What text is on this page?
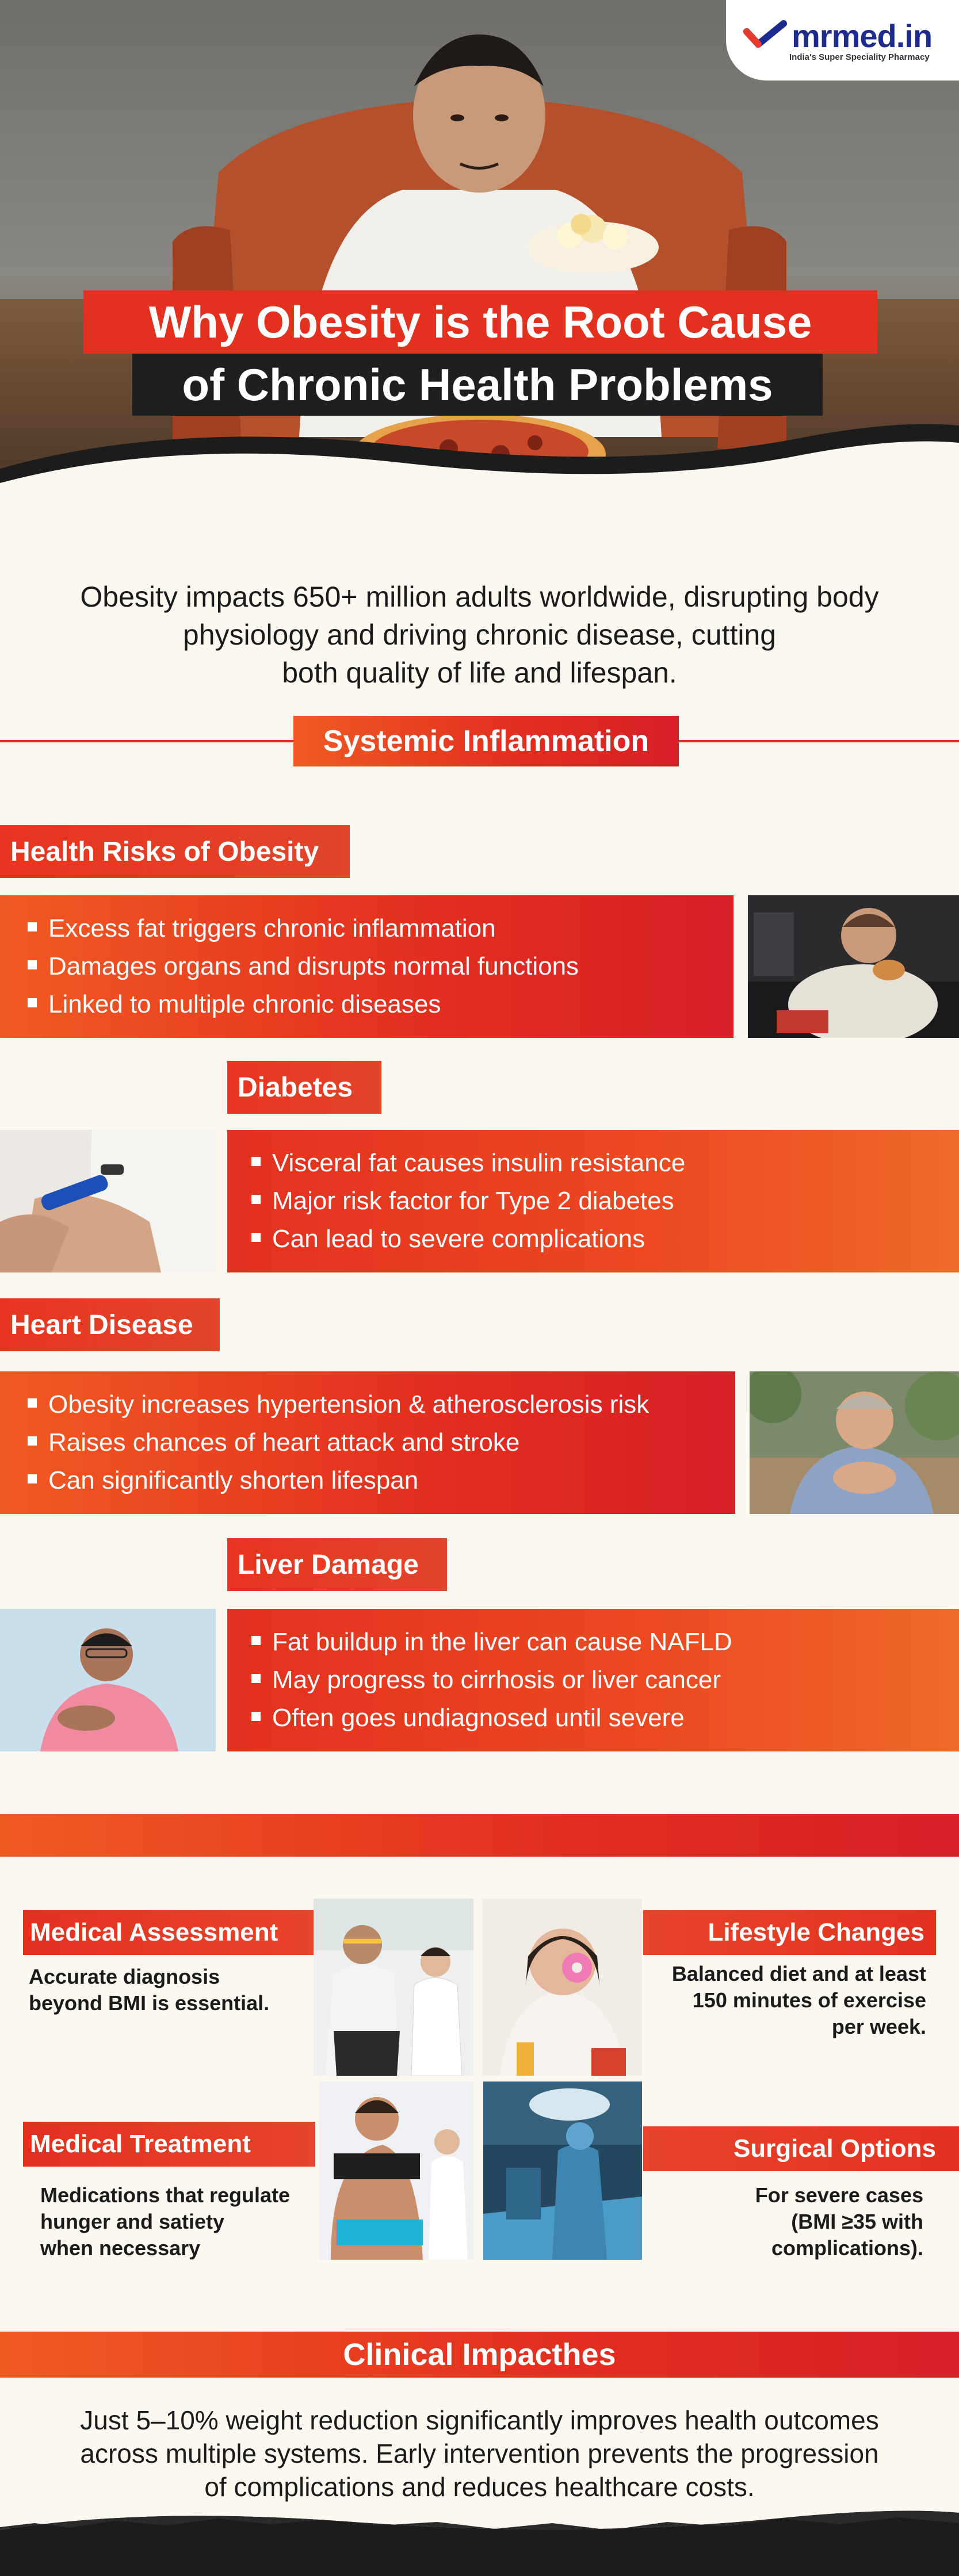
mrmed.in
India's Super Speciality Pharmacy
Why Obesity is the Root Cause
of Chronic Health Problems
Obesity impacts 650+ million adults worldwide, disrupting body
physiology and driving chronic disease, cutting
both quality of life and lifespan.
Systemic Inflammation
Health Risks of Obesity
Excess fat triggers chronic inflammation
Damages organs and disrupts normal functions
Linked to multiple chronic diseases
Diabetes
Visceral fat causes insulin resistance
Major risk factor for Type 2 diabetes
Can lead to severe complications
Heart Disease
Obesity increases hypertension & atherosclerosis risk
Raises chances of heart attack and stroke
Can significantly shorten lifespan
Liver Damage
Fat buildup in the liver can cause NAFLD
May progress to cirrhosis or liver cancer
Often goes undiagnosed until severe
Medical Assessment
Accurate diagnosis
beyond BMI is essential.
Lifestyle Changes
Balanced diet and at least
150 minutes of exercise
per week.
Medical Treatment
Medications that regulate
hunger and satiety
when necessary
Surgical Options
For severe cases
(BMI ≥35 with
complications).
Clinical Impacthes
Just 5–10% weight reduction significantly improves health outcomes
across multiple systems. Early intervention prevents the progression
of complications and reduces healthcare costs.
